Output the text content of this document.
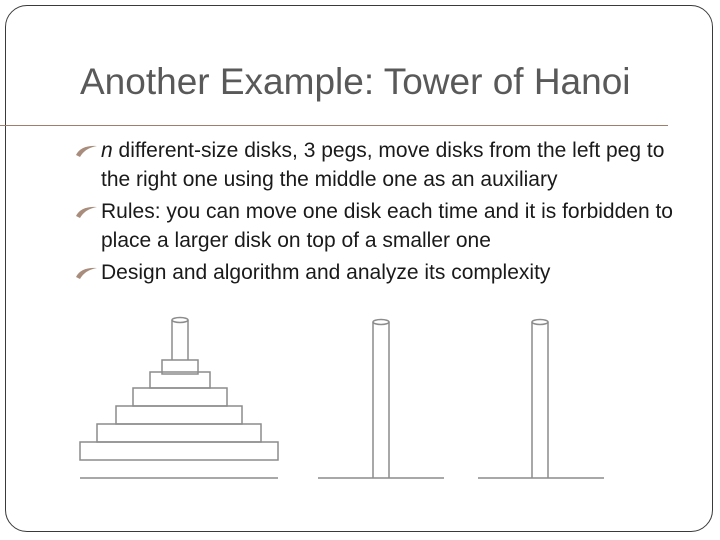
Another Example: Tower of Hanoi
n different-size disks, 3 pegs, move disks from the left peg to the right one using the middle one as an auxiliary
Rules: you can move one disk each time and it is forbidden to place a larger disk on top of a smaller one
Design and algorithm and analyze its complexity
